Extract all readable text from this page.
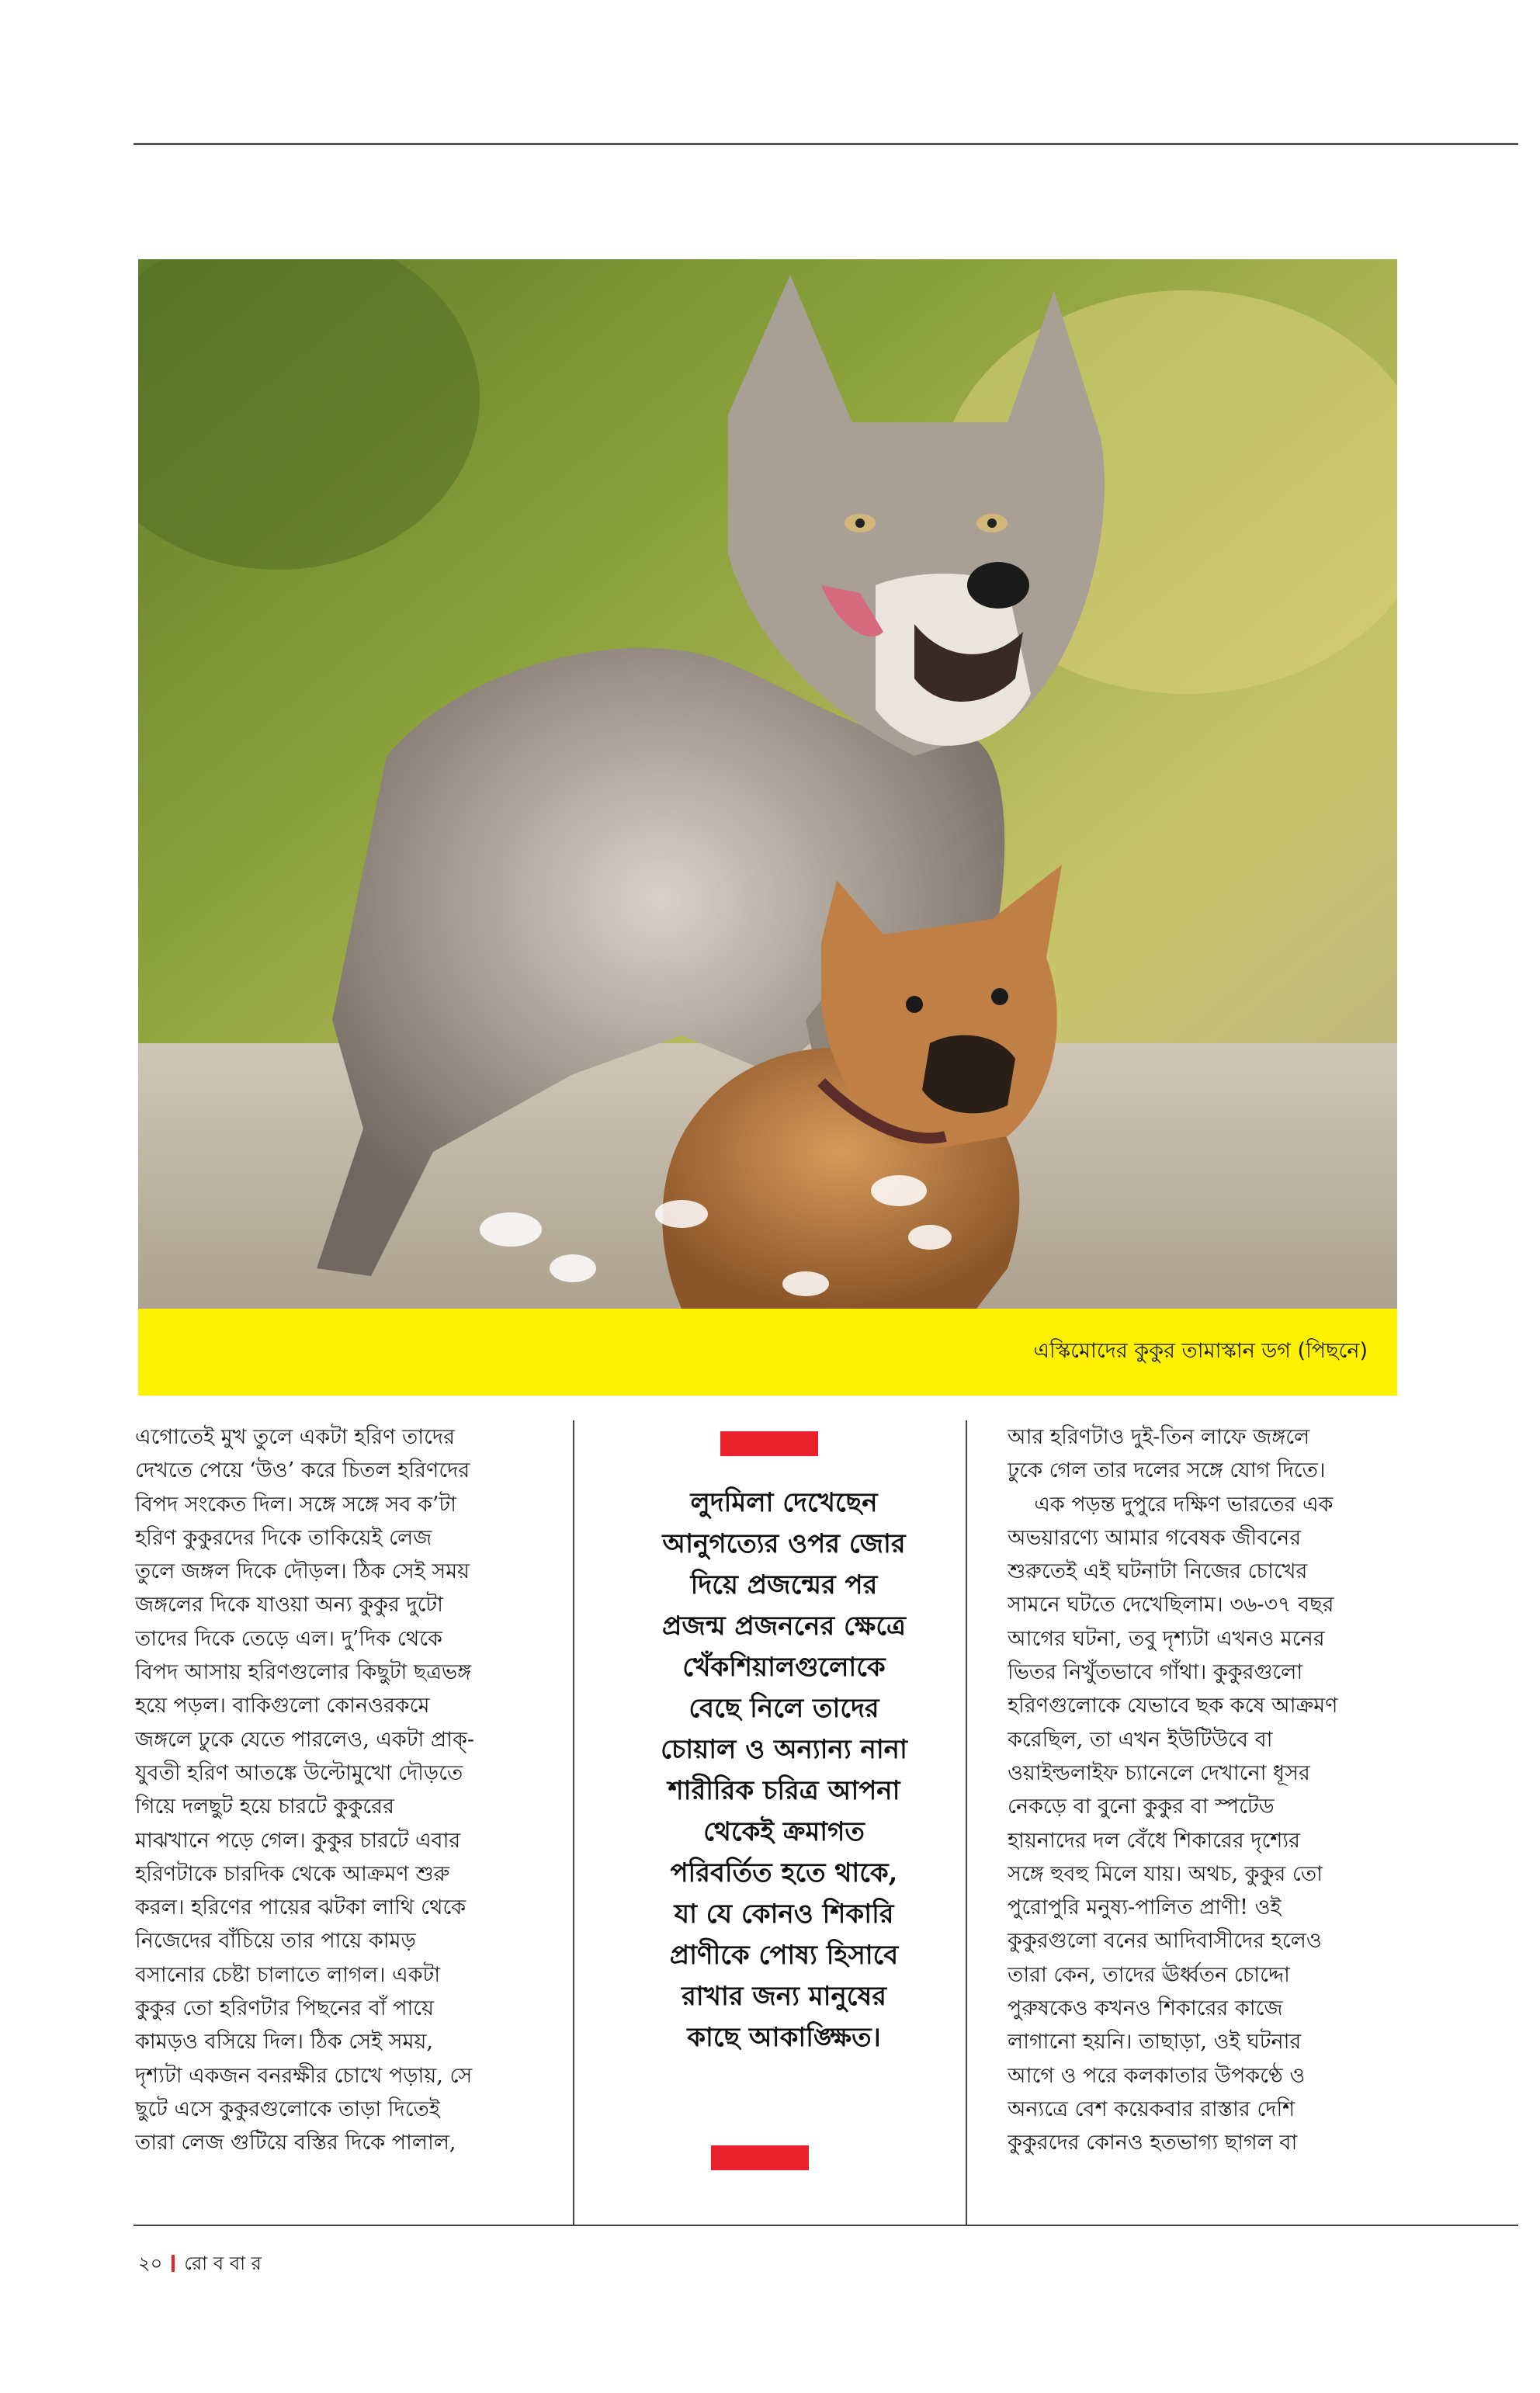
এস্কিমোদের কুকুর তামাস্কান ডগ (পিছনে)
এগোতেই মুখ তুলে একটা হরিণ তাদের
দেখতে পেয়ে ‘উও’ করে চিতল হরিণদের
বিপদ সংকেত দিল। সঙ্গে সঙ্গে সব ক’টা
হরিণ কুকুরদের দিকে তাকিয়েই লেজ
তুলে জঙ্গল দিকে দৌড়ল। ঠিক সেই সময়
জঙ্গলের দিকে যাওয়া অন্য কুকুর দুটো
তাদের দিকে তেড়ে এল। দু’দিক থেকে
বিপদ আসায় হরিণগুলোর কিছুটা ছত্রভঙ্গ
হয়ে পড়ল। বাকিগুলো কোনওরকমে
জঙ্গলে ঢুকে যেতে পারলেও, একটা প্রাক্-
যুবতী হরিণ আতঙ্কে উল্টোমুখো দৌড়তে
গিয়ে দলছুট হয়ে চারটে কুকুরের
মাঝখানে পড়ে গেল। কুকুর চারটে এবার
হরিণটাকে চারদিক থেকে আক্রমণ শুরু
করল। হরিণের পায়ের ঝটকা লাথি থেকে
নিজেদের বাঁচিয়ে তার পায়ে কামড়
বসানোর চেষ্টা চালাতে লাগল। একটা
কুকুর তো হরিণটার পিছনের বাঁ পায়ে
কামড়ও বসিয়ে দিল। ঠিক সেই সময়,
দৃশ্যটা একজন বনরক্ষীর চোখে পড়ায়, সে
ছুটে এসে কুকুরগুলোকে তাড়া দিতেই
তারা লেজ গুটিয়ে বস্তির দিকে পালাল,
লুদমিলা দেখেছেন
আনুগত্যের ওপর জোর
দিয়ে প্রজন্মের পর
প্রজন্ম প্রজননের ক্ষেত্রে
খেঁকশিয়ালগুলোকে
বেছে নিলে তাদের
চোয়াল ও অন্যান্য নানা
শারীরিক চরিত্র আপনা
থেকেই ক্রমাগত
পরিবর্তিত হতে থাকে,
যা যে কোনও শিকারি
প্রাণীকে পোষ্য হিসাবে
রাখার জন্য মানুষের
কাছে আকাঙ্ক্ষিত।
আর হরিণটাও দুই-তিন লাফে জঙ্গলে
ঢুকে গেল তার দলের সঙ্গে যোগ দিতে।
এক পড়ন্ত দুপুরে দক্ষিণ ভারতের এক
অভয়ারণ্যে আমার গবেষক জীবনের
শুরুতেই এই ঘটনাটা নিজের চোখের
সামনে ঘটতে দেখেছিলাম। ৩৬-৩৭ বছর
আগের ঘটনা, তবু দৃশ্যটা এখনও মনের
ভিতর নিখুঁতভাবে গাঁথা। কুকুরগুলো
হরিণগুলোকে যেভাবে ছক কষে আক্রমণ
করেছিল, তা এখন ইউটিউবে বা
ওয়াইল্ডলাইফ চ্যানেলে দেখানো ধূসর
নেকড়ে বা বুনো কুকুর বা স্পটেড
হায়নাদের দল বেঁধে শিকারের দৃশ্যের
সঙ্গে হুবহু মিলে যায়। অথচ, কুকুর তো
পুরোপুরি মনুষ্য-পালিত প্রাণী! ওই
কুকুরগুলো বনের আদিবাসীদের হলেও
তারা কেন, তাদের ঊর্ধ্বতন চোদ্দো
পুরুষকেও কখনও শিকারের কাজে
লাগানো হয়নি। তাছাড়া, ওই ঘটনার
আগে ও পরে কলকাতার উপকণ্ঠে ও
অন্যত্রে বেশ কয়েকবার রাস্তার দেশি
কুকুরদের কোনও হতভাগ্য ছাগল বা
২০ রো ব বা র
